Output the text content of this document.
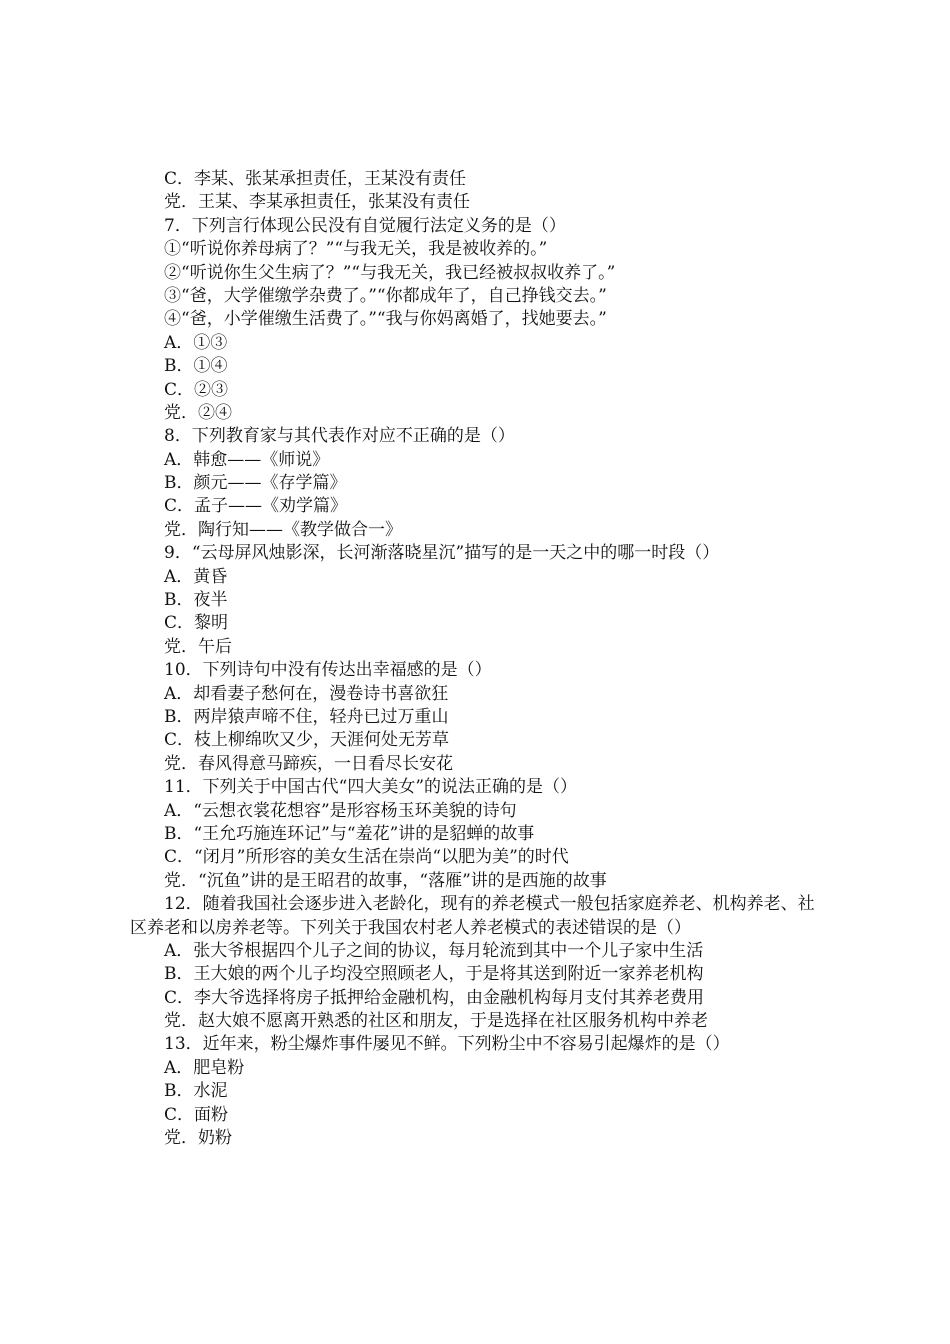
C．李某、张某承担责任，王某没有责任
党．王某、李某承担责任，张某没有责任
7．下列言行体现公民没有自觉履行法定义务的是（）
①“听说你养母病了？”“与我无关，我是被收养的。”
②“听说你生父生病了？”“与我无关，我已经被叔叔收养了。”
③“爸，大学催缴学杂费了。”“你都成年了，自己挣钱交去。”
④“爸，小学催缴生活费了。”“我与你妈离婚了，找她要去。”
A．①③
B．①④
C．②③
党．②④
8．下列教育家与其代表作对应不正确的是（）
A．韩愈——《师说》
B．颜元——《存学篇》
C．孟子——《劝学篇》
党．陶行知——《教学做合一》
9．“云母屏风烛影深，长河渐落晓星沉”描写的是一天之中的哪一时段（）
A．黄昏
B．夜半
C．黎明
党．午后
10．下列诗句中没有传达出幸福感的是（）
A．却看妻子愁何在，漫卷诗书喜欲狂
B．两岸猿声啼不住，轻舟已过万重山
C．枝上柳绵吹又少，天涯何处无芳草
党．春风得意马蹄疾，一日看尽长安花
11．下列关于中国古代“四大美女”的说法正确的是（）
A．“云想衣裳花想容”是形容杨玉环美貌的诗句
B．“王允巧施连环记”与“羞花”讲的是貂蝉的故事
C．“闭月”所形容的美女生活在崇尚“以肥为美”的时代
党．“沉鱼”讲的是王昭君的故事，“落雁”讲的是西施的故事
12．随着我国社会逐步进入老龄化，现有的养老模式一般包括家庭养老、机构养老、社区养老和以房养老等。下列关于我国农村老人养老模式的表述错误的是（）
A．张大爷根据四个儿子之间的协议，每月轮流到其中一个儿子家中生活
B．王大娘的两个儿子均没空照顾老人，于是将其送到附近一家养老机构
C．李大爷选择将房子抵押给金融机构，由金融机构每月支付其养老费用
党．赵大娘不愿离开熟悉的社区和朋友，于是选择在社区服务机构中养老
13．近年来，粉尘爆炸事件屡见不鲜。下列粉尘中不容易引起爆炸的是（）
A．肥皂粉
B．水泥
C．面粉
党．奶粉
